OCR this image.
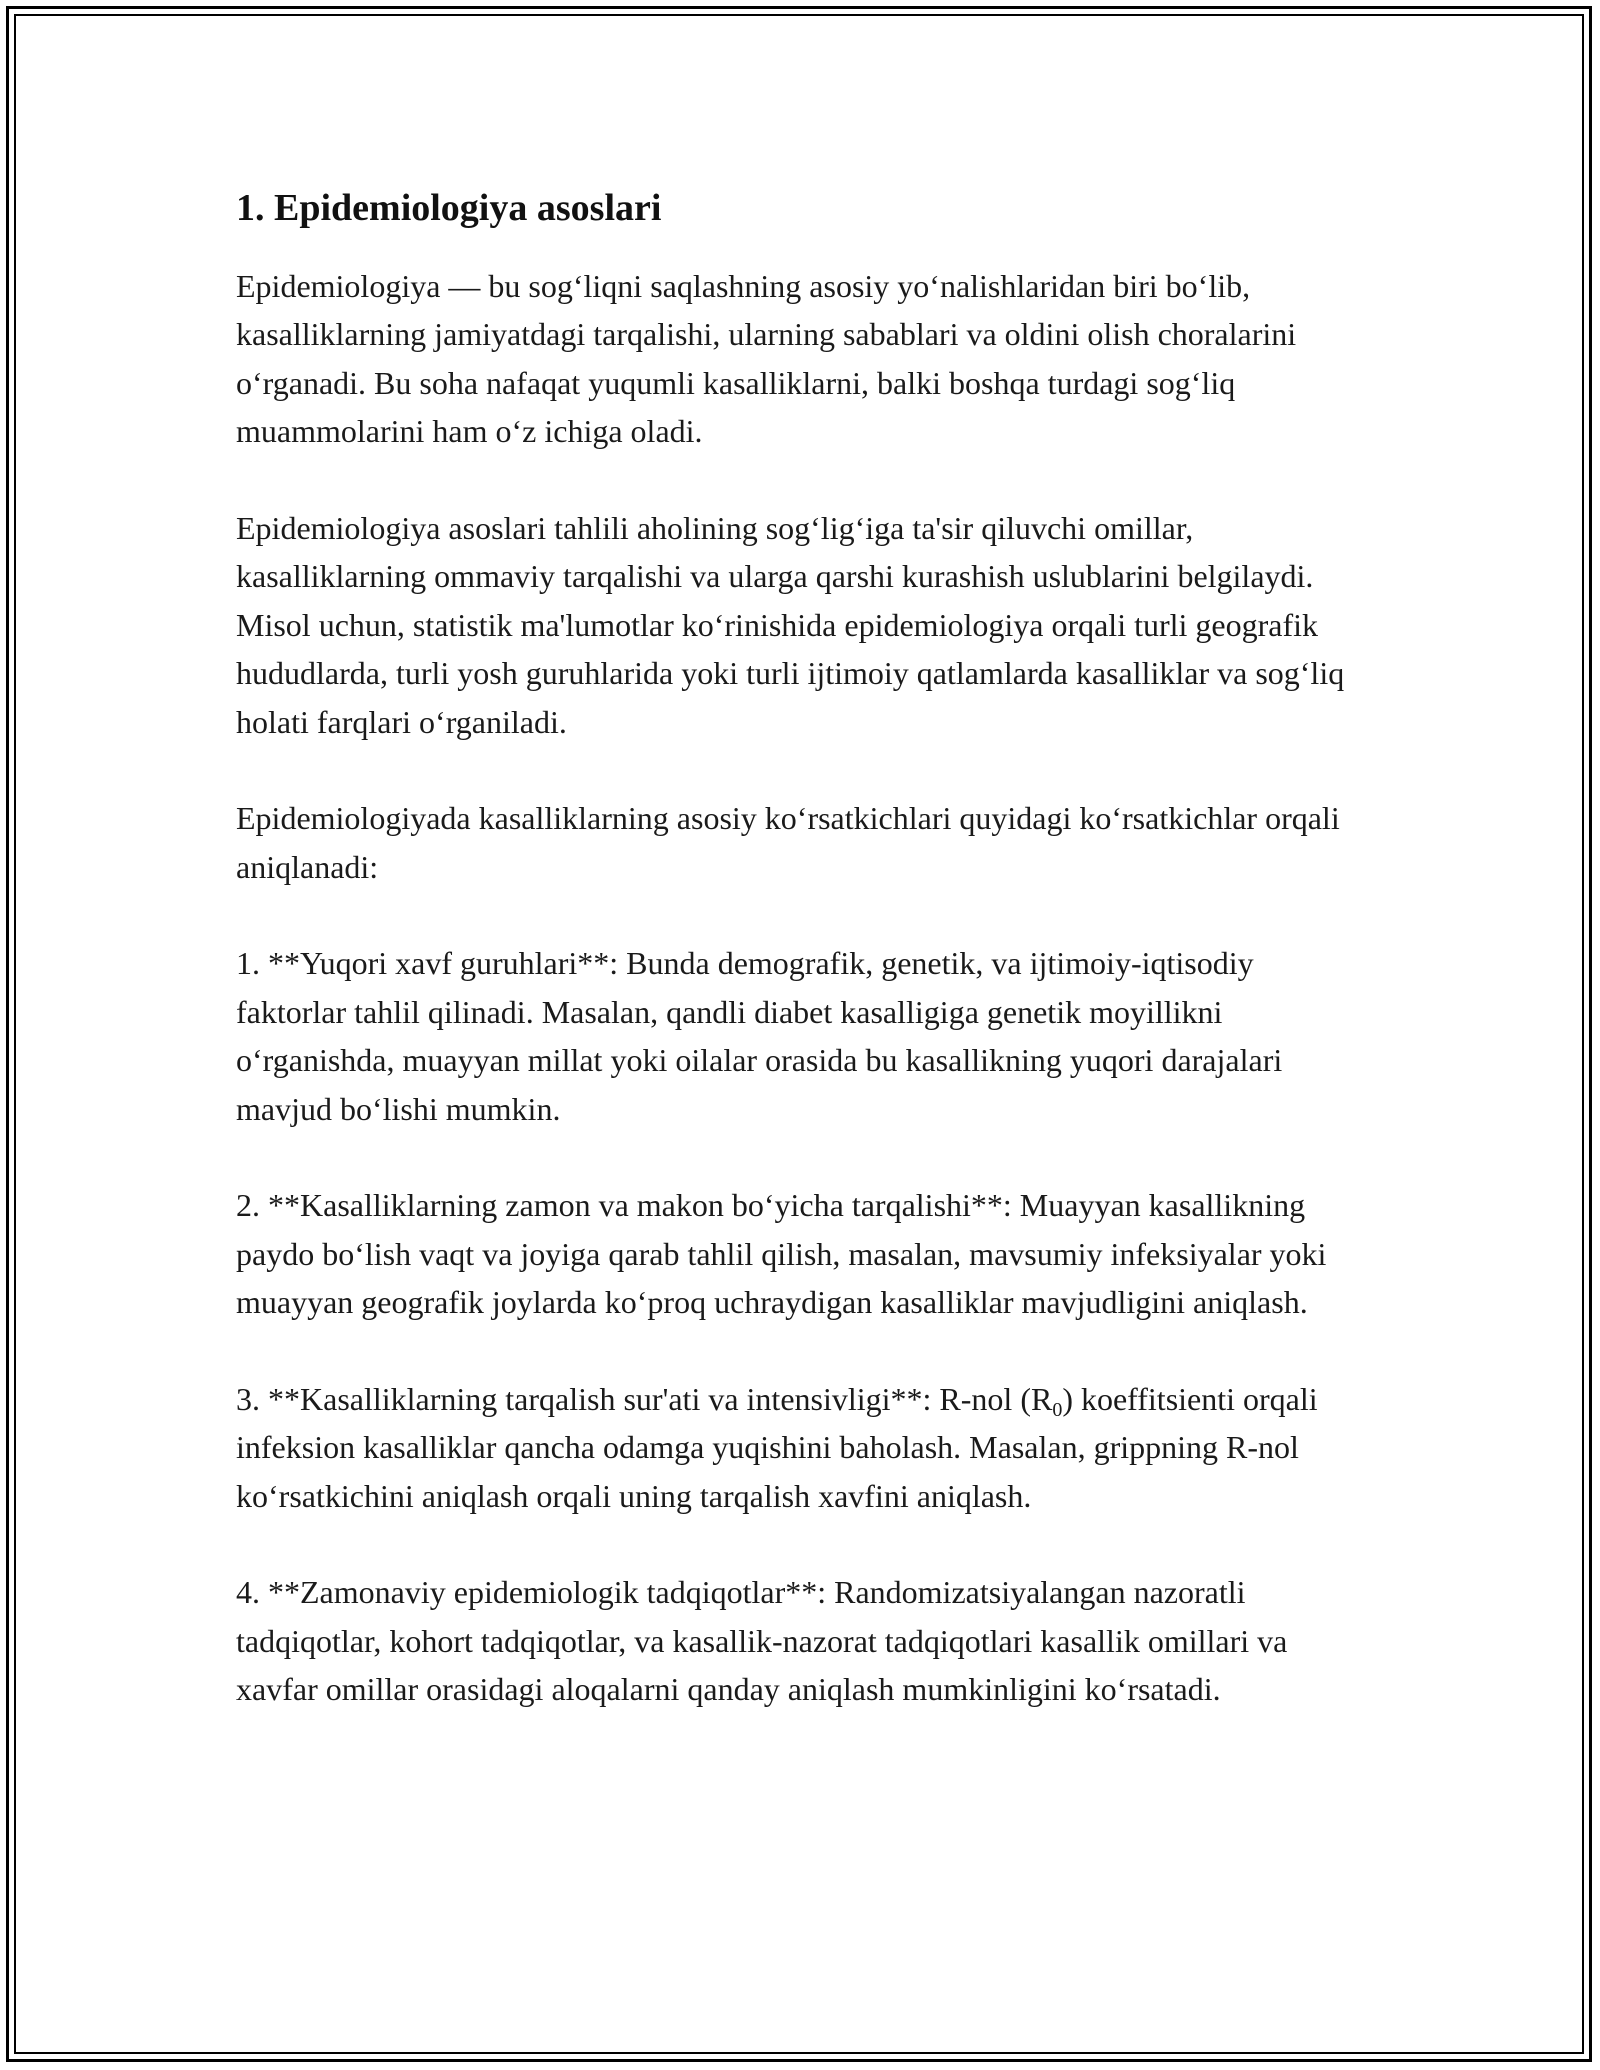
1. Epidemiologiya asoslari

Epidemiologiya — bu sog‘liqni saqlashning asosiy yo‘nalishlaridan biri bo‘lib, kasalliklarning jamiyatdagi tarqalishi, ularning sabablari va oldini olish choralarini o‘rganadi. Bu soha nafaqat yuqumli kasalliklarni, balki boshqa turdagi sog‘liq muammolarini ham o‘z ichiga oladi.

Epidemiologiya asoslari tahlili aholining sog‘lig‘iga ta'sir qiluvchi omillar, kasalliklarning ommaviy tarqalishi va ularga qarshi kurashish uslublarini belgilaydi. Misol uchun, statistik ma'lumotlar ko‘rinishida epidemiologiya orqali turli geografik hududlarda, turli yosh guruhlarida yoki turli ijtimoiy qatlamlarda kasalliklar va sog‘liq holati farqlari o‘rganiladi.

Epidemiologiyada kasalliklarning asosiy ko‘rsatkichlari quyidagi ko‘rsatkichlar orqali aniqlanadi:

1. **Yuqori xavf guruhlari**: Bunda demografik, genetik, va ijtimoiy-iqtisodiy faktorlar tahlil qilinadi. Masalan, qandli diabet kasalligiga genetik moyillikni o‘rganishda, muayyan millat yoki oilalar orasida bu kasallikning yuqori darajalari mavjud bo‘lishi mumkin.

2. **Kasalliklarning zamon va makon bo‘yicha tarqalishi**: Muayyan kasallikning paydo bo‘lish vaqt va joyiga qarab tahlil qilish, masalan, mavsumiy infeksiyalar yoki muayyan geografik joylarda ko‘proq uchraydigan kasalliklar mavjudligini aniqlash.

3. **Kasalliklarning tarqalish sur'ati va intensivligi**: R-nol $(R_0)$ koeffitsienti orqali infeksion kasalliklar qancha odamga yuqishini baholash. Masalan, grippning R-nol ko‘rsatkichini aniqlash orqali uning tarqalish xavfini aniqlash.

4. **Zamonaviy epidemiologik tadqiqotlar**: Randomizatsiyalangan nazoratli tadqiqotlar, kohort tadqiqotlar, va kasallik-nazorat tadqiqotlari kasallik omillari va xavfar omillar orasidagi aloqalarni qanday aniqlash mumkinligini ko‘rsatadi.
